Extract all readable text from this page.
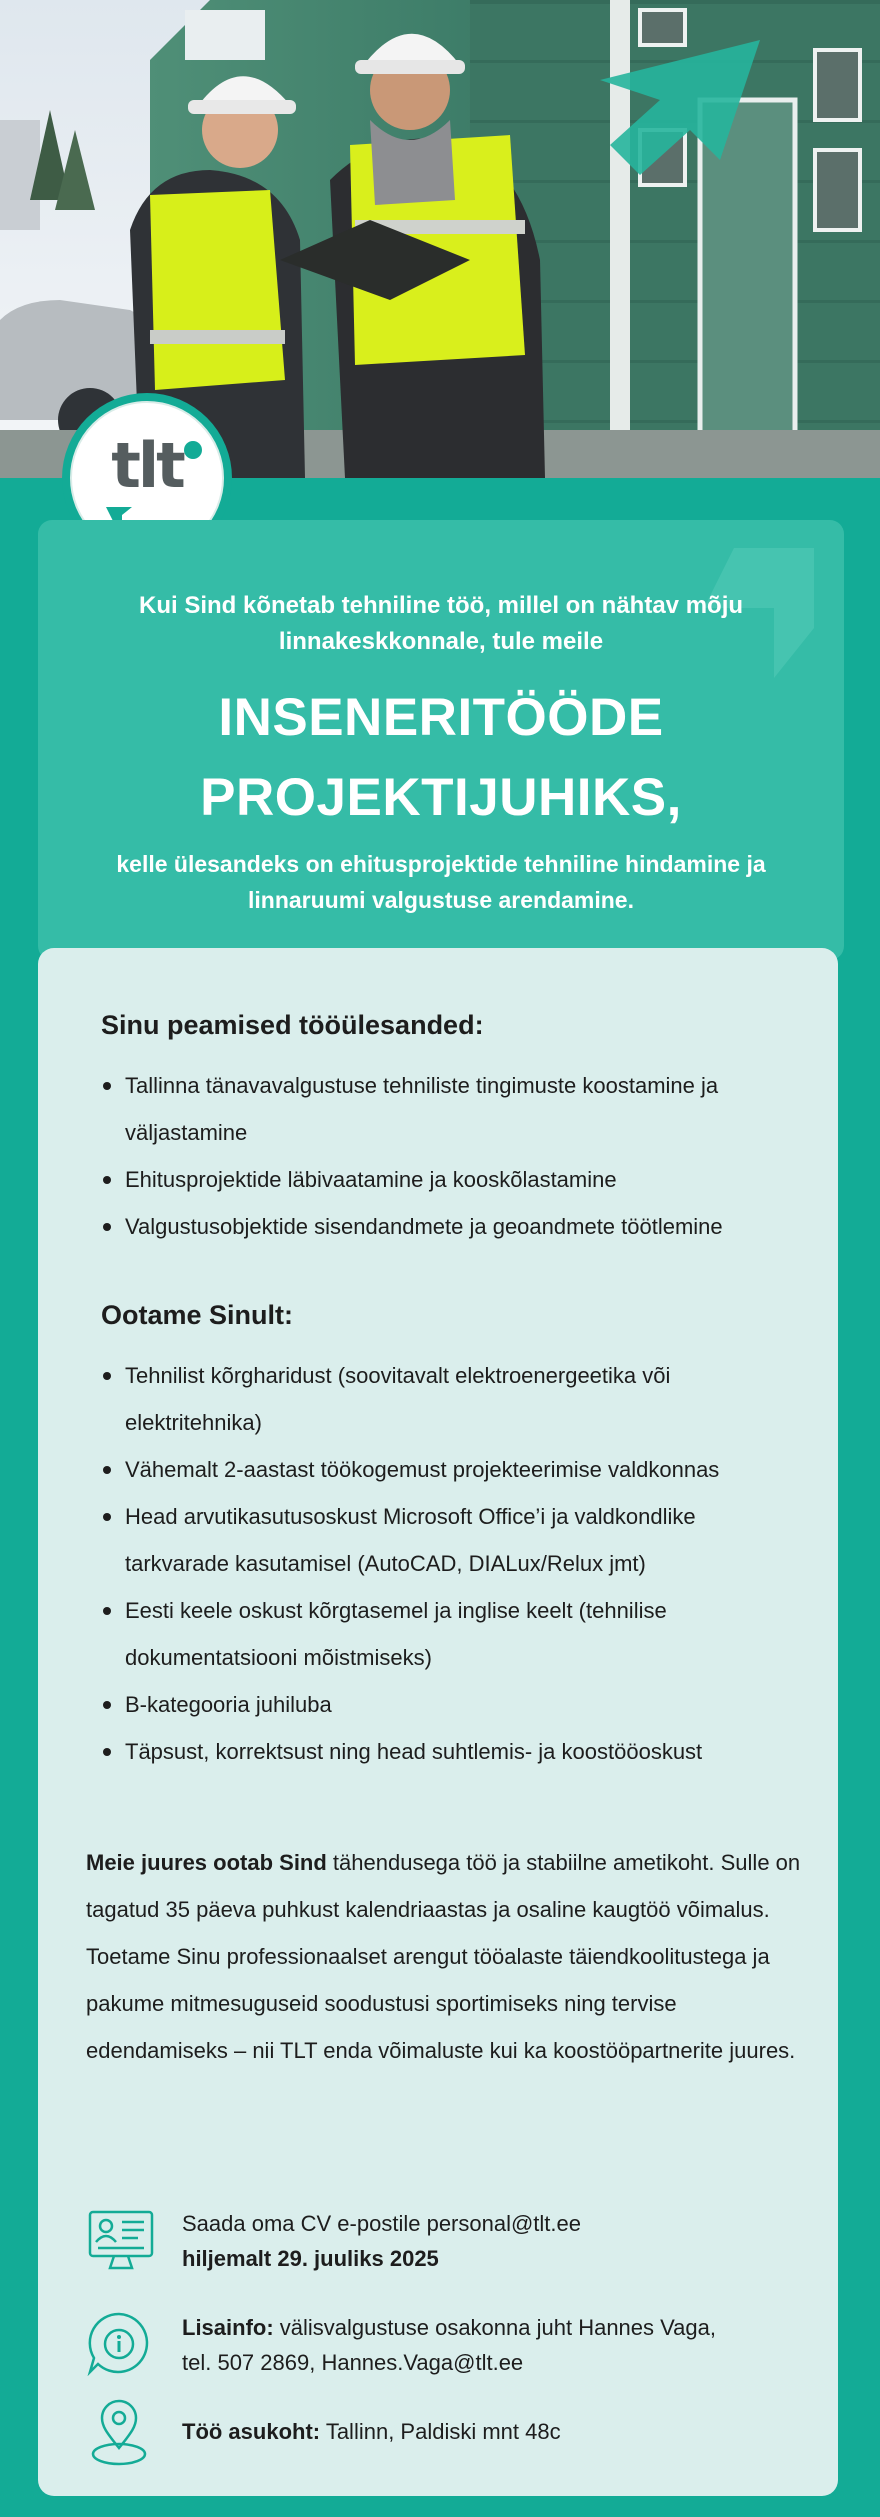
tlt
Kui Sind kõnetab tehniline töö, millel on nähtav mõju linnakeskkonnale, tule meile
INSENERITÖÖDE
PROJEKTIJUHIKS,
kelle ülesandeks on ehitusprojektide tehniline hindamine ja linnaruumi valgustuse arendamine.
Sinu peamised tööülesanded:
Tallinna tänavavalgustuse tehniliste tingimuste koostamine ja väljastamine
Ehitusprojektide läbivaatamine ja kooskõlastamine
Valgustusobjektide sisendandmete ja geoandmete töötlemine
Ootame Sinult:
Tehnilist kõrgharidust (soovitavalt elektroenergeetika või elektritehnika)
Vähemalt 2-aastast töökogemust projekteerimise valdkonnas
Head arvutikasutusoskust Microsoft Office’i ja valdkondlike tarkvarade kasutamisel (AutoCAD, DIALux/Relux jmt)
Eesti keele oskust kõrgtasemel ja inglise keelt (tehnilise dokumentatsiooni mõistmiseks)
B-kategooria juhiluba
Täpsust, korrektsust ning head suhtlemis- ja koostööoskust

Meie juures ootab Sind tähendusega töö ja stabiilne ametikoht. Sulle on tagatud 35 päeva puhkust kalendriaastas ja osaline kaugtöö võimalus. Toetame Sinu professionaalset arengut tööalaste täiendkoolitustega ja pakume mitmesuguseid soodustusi sportimiseks ning tervise edendamiseks – nii TLT enda võimaluste kui ka koostööpartnerite juures.

Saada oma CV e-postile personal@tlt.ee
hiljemalt 29. juuliks 2025
Lisainfo: välisvalgustuse osakonna juht Hannes Vaga,
tel. 507 2869, Hannes.Vaga@tlt.ee
Töö asukoht: Tallinn, Paldiski mnt 48c
